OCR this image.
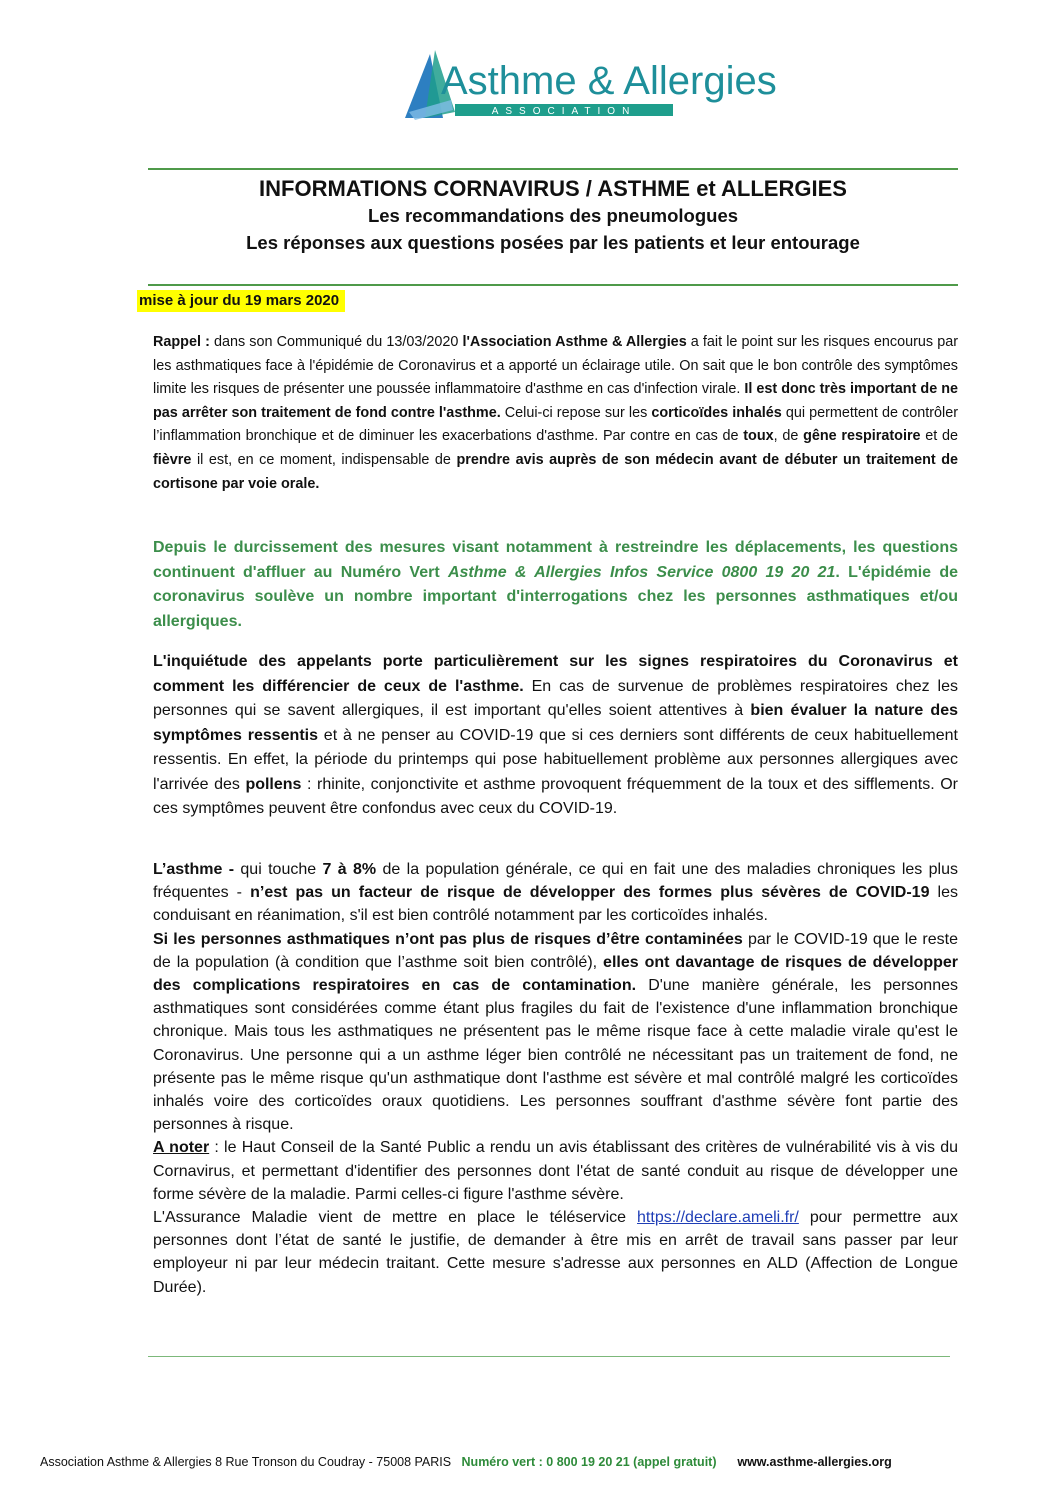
Asthme & Allergies
ASSOCIATION
INFORMATIONS CORNAVIRUS / ASTHME et ALLERGIES
Les recommandations des pneumologues
Les réponses aux questions posées par les patients et leur entourage
mise à jour du 19 mars 2020
Rappel : dans son Communiqué du 13/03/2020 l'Association Asthme & Allergies a fait le point sur les risques encourus par les asthmatiques face à l'épidémie de Coronavirus et a apporté un éclairage utile. On sait que le bon contrôle des symptômes limite les risques de présenter une poussée inflammatoire d'asthme en cas d'infection virale. Il est donc très important de ne pas arrêter son traitement de fond contre l'asthme. Celui-ci repose sur les corticoïdes inhalés qui permettent de contrôler l’inflammation bronchique et de diminuer les exacerbations d'asthme. Par contre en cas de toux, de gêne respiratoire et de fièvre il est, en ce moment, indispensable de prendre avis auprès de son médecin avant de débuter un traitement de cortisone par voie orale.
Depuis le durcissement des mesures visant notamment à restreindre les déplacements, les questions continuent d'affluer au Numéro Vert Asthme & Allergies Infos Service 0800 19 20 21. L'épidémie de coronavirus soulève un nombre important d'interrogations chez les personnes asthmatiques et/ou allergiques.
L'inquiétude des appelants porte particulièrement sur les signes respiratoires du Coronavirus et comment les différencier de ceux de l'asthme. En cas de survenue de problèmes respiratoires chez les personnes qui se savent allergiques, il est important qu'elles soient attentives à bien évaluer la nature des symptômes ressentis et à ne penser au COVID-19 que si ces derniers sont différents de ceux habituellement ressentis. En effet, la période du printemps qui pose habituellement problème aux personnes allergiques avec l'arrivée des pollens : rhinite, conjonctivite et asthme provoquent fréquemment de la toux et des sifflements. Or ces symptômes peuvent être confondus avec ceux du COVID-19.
L’asthme - qui touche 7 à 8% de la population générale, ce qui en fait une des maladies chroniques les plus fréquentes - n’est pas un facteur de risque de développer des formes plus sévères de COVID-19 les conduisant en réanimation, s'il est bien contrôlé notamment par les corticoïdes inhalés.
Si les personnes asthmatiques n’ont pas plus de risques d’être contaminées par le COVID-19 que le reste de la population (à condition que l’asthme soit bien contrôlé), elles ont davantage de risques de développer des complications respiratoires en cas de contamination. D'une manière générale, les personnes asthmatiques sont considérées comme étant plus fragiles du fait de l'existence d'une inflammation bronchique chronique. Mais tous les asthmatiques ne présentent pas le même risque face à cette maladie virale qu'est le Coronavirus. Une personne qui a un asthme léger bien contrôlé ne nécessitant pas un traitement de fond, ne présente pas le même risque qu'un asthmatique dont l'asthme est sévère et mal contrôlé malgré les corticoïdes inhalés voire des corticoïdes oraux quotidiens. Les personnes souffrant d'asthme sévère font partie des personnes à risque.
A noter : le Haut Conseil de la Santé Public a rendu un avis établissant des critères de vulnérabilité vis à vis du Cornavirus, et permettant d'identifier des personnes dont l'état de santé conduit au risque de développer une forme sévère de la maladie. Parmi celles-ci figure l'asthme sévère.
L'Assurance Maladie vient de mettre en place le téléservice https://declare.ameli.fr/ pour permettre aux personnes dont l’état de santé le justifie, de demander à être mis en arrêt de travail sans passer par leur employeur ni par leur médecin traitant. Cette mesure s'adresse aux personnes en ALD (Affection de Longue Durée).
Association Asthme & Allergies 8 Rue Tronson du Coudray - 75008 PARIS Numéro vert : 0 800 19 20 21 (appel gratuit) www.asthme-allergies.org
